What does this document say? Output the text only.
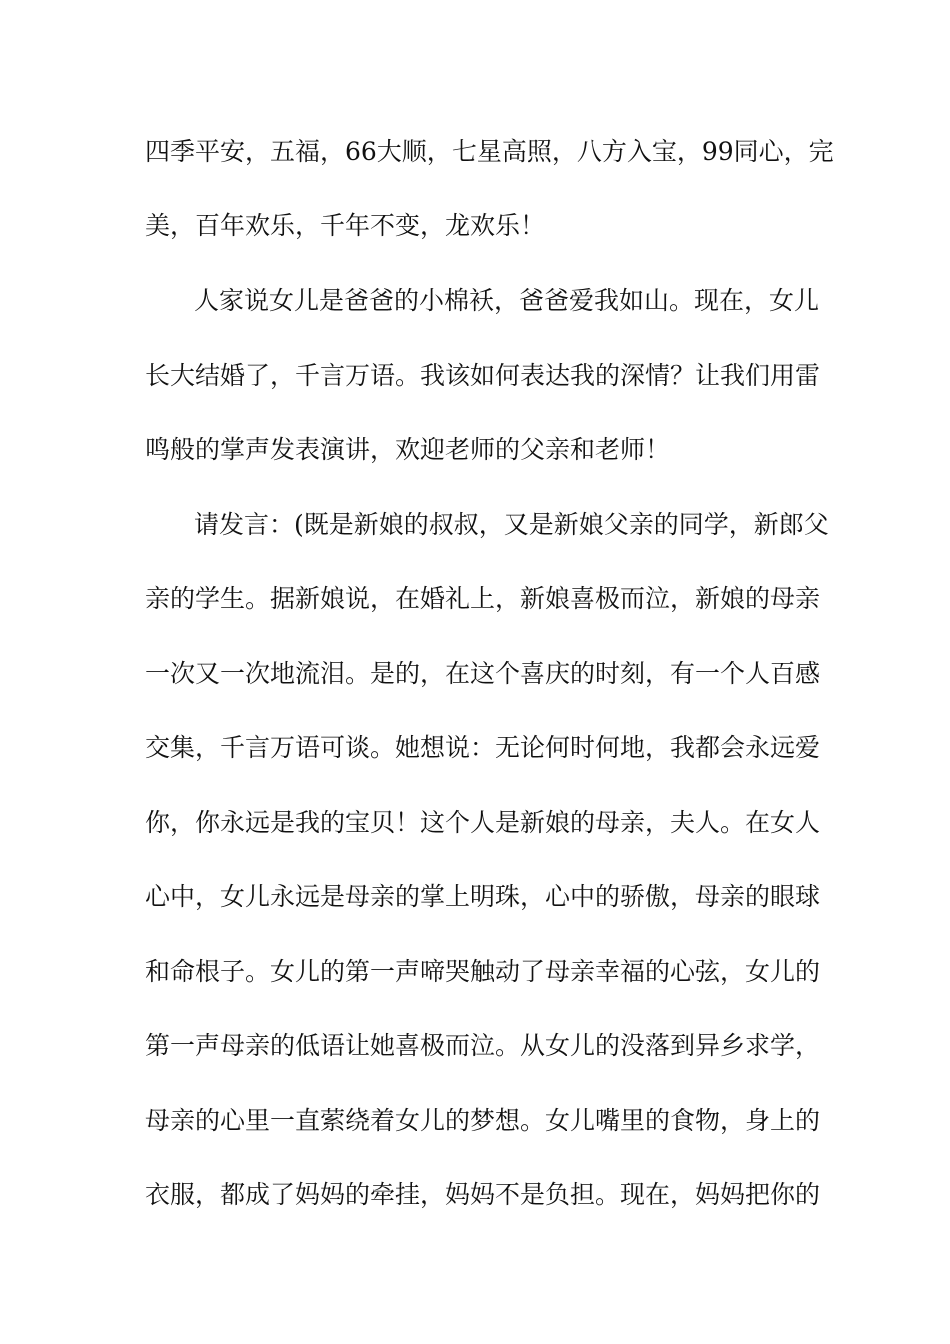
四季平安，五福，66大顺，七星高照，八方入宝，99同心，完
美，百年欢乐，千年不变，龙欢乐！
人家说女儿是爸爸的小棉袄，爸爸爱我如山。现在，女儿
长大结婚了，千言万语。我该如何表达我的深情？让我们用雷
鸣般的掌声发表演讲，欢迎老师的父亲和老师！
请发言：(既是新娘的叔叔，又是新娘父亲的同学，新郎父
亲的学生。据新娘说，在婚礼上，新娘喜极而泣，新娘的母亲
一次又一次地流泪。是的，在这个喜庆的时刻，有一个人百感
交集，千言万语可谈。她想说：无论何时何地，我都会永远爱
你，你永远是我的宝贝！这个人是新娘的母亲，夫人。在女人
心中，女儿永远是母亲的掌上明珠，心中的骄傲，母亲的眼球
和命根子。女儿的第一声啼哭触动了母亲幸福的心弦，女儿的
第一声母亲的低语让她喜极而泣。从女儿的没落到异乡求学，
母亲的心里一直萦绕着女儿的梦想。女儿嘴里的食物，身上的
衣服，都成了妈妈的牵挂，妈妈不是负担。现在，妈妈把你的
